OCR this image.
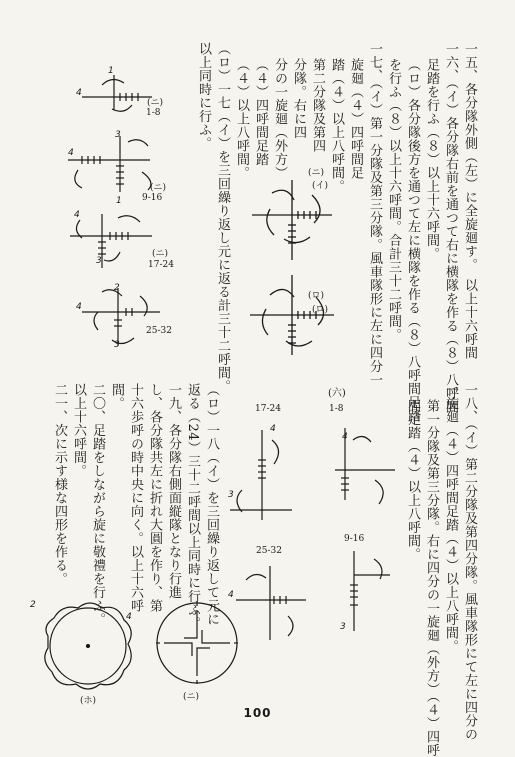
一五、各分隊外側（左）に全旋廻す。　以上十六呼間
一六、（イ）各分隊右前を通つて右に横隊を作る（８）八呼間
足踏を行ふ（８）以上十六呼間。
（ロ）各分隊後方を通つて左に横隊を作る（８）八呼間足踏
を行ふ（８）以上十六呼間。合計三十二呼間。
一七、（イ）第一分隊及第三分隊。風車隊形に左に四分一
旋廻（４）四呼間足
踏（４）以上八呼間。
第二分隊及第四
分隊。右に四
分の一旋廻（外方）
（４）四呼間足踏
（４）以上八呼間。
（ロ）一七（イ）を三回繰り返し元に返る計三十二呼間。
以上同時に行ふ。
(ニ)
(イ)
(ロ)
(ロ)
4
1
(ニ)
1-8
4
3
1
(ニ)
9-16
4
3
(ニ)
17-24
4
2
3
25-32
(六)	一八、（イ）第二分隊及第四分隊。風車隊形にて左に四分の
一旋廻（４）四呼間足踏（４）以上八呼間。
第一分隊及第三分隊。右に四分の一旋廻（外方）（４）四呼
間足踏（４）以上八呼間。
（ロ）一八（イ）を三回繰り返して元に
返る（24）三十二呼間以上同時に行ふ。
一九、各分隊右側面縦隊となり行進
し、各分隊共左に折れ大圓を作り、第
十六歩呼の時中央に向く。以上十六呼
間。
二〇、足踏をしながら旋に敬禮を行ふ。
以上十六呼間。
二一、次に示す様な四形を作る。	17-24	1-8
3
4
4
9-16
3
25-32
4
2
4
(ホ)	(ニ)
100
